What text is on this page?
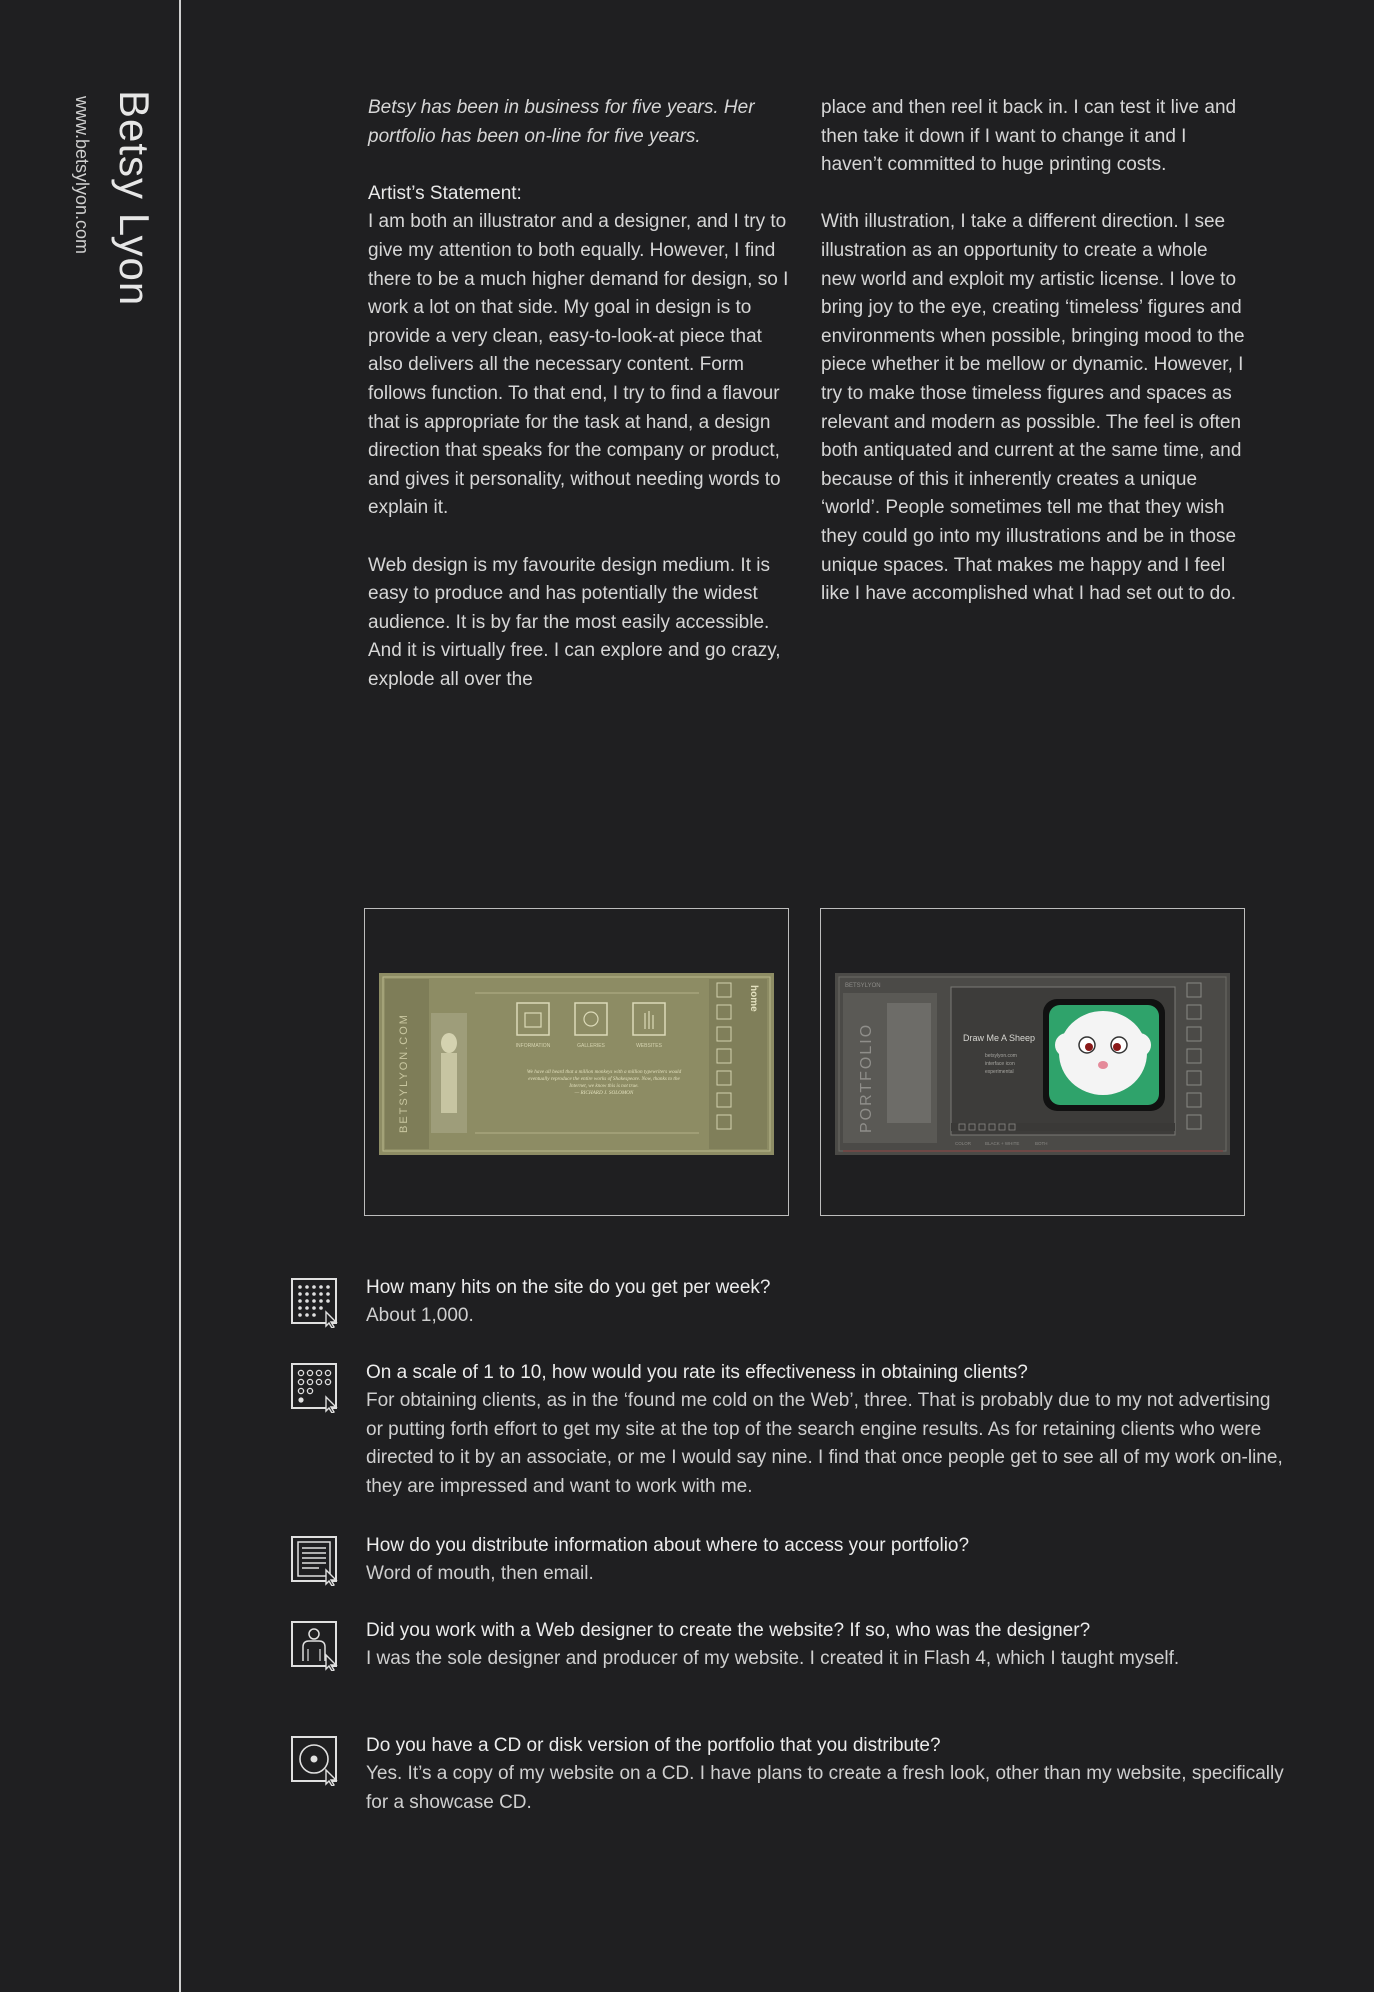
Betsy Lyon
www.betsylyon.com	Betsy has been in business for five years. Her portfolio has been on-line for five years.

Artist’s Statement:
I am both an illustrator and a designer, and I try to give my attention to both equally. However, I find there to be a much higher demand for design, so I work a lot on that side. My goal in design is to provide a very clean, easy-to-look-at piece that also delivers all the necessary content. Form follows function. To that end, I try to find a flavour that is appropriate for the task at hand, a design direction that speaks for the company or product, and gives it personality, without needing words to explain it.

Web design is my favourite design medium. It is easy to produce and has potentially the widest audience. It is by far the most easily accessible. And it is virtually free. I can explore and go crazy, explode all over the

place and then reel it back in. I can test it live and then take it down if I want to change it and I haven’t committed to huge printing costs.

With illustration, I take a different direction. I see illustration as an opportunity to create a whole new world and exploit my artistic license. I love to bring joy to the eye, creating ‘timeless’ figures and environments when possible, bringing mood to the piece whether it be mellow or dynamic. However, I try to make those timeless figures and spaces as relevant and modern as possible. The feel is often both antiquated and current at the same time, and because of this it inherently creates a unique ‘world’. People sometimes tell me that they wish they could go into my illustrations and be in those unique spaces. That makes me happy and I feel like I have accomplished what I had set out to do.

BETSYLYON.COM	INFORMATION	GALLERIES	WEBSITES
We have all heard that a million monkeys with a million typewriters would eventually reproduce the entire works of Shakespeare. Now, thanks to the Internet, we know this is not true.
— RICHARD J. SOLOMON
home	BETSYLYON
PORTFOLIO	Draw Me A Sheep
betsylyon.com
interface icon
experimental
COLOR	BLACK + WHITE	BOTH
How many hits on the site do you get per week?
About 1,000.
On a scale of 1 to 10, how would you rate its effectiveness in obtaining clients?
For obtaining clients, as in the ‘found me cold on the Web’, three. That is probably due to my not advertising or putting forth effort to get my site at the top of the search engine results. As for retaining clients who were directed to it by an associate, or me I would say nine. I find that once people get to see all of my work on-line, they are impressed and want to work with me.
How do you distribute information about where to access your portfolio?
Word of mouth, then email.
Did you work with a Web designer to create the website? If so, who was the designer?
I was the sole designer and producer of my website. I created it in Flash 4, which I taught myself.
Do you have a CD or disk version of the portfolio that you distribute?
Yes. It’s a copy of my website on a CD. I have plans to create a fresh look, other than my website, specifically for a showcase CD.
